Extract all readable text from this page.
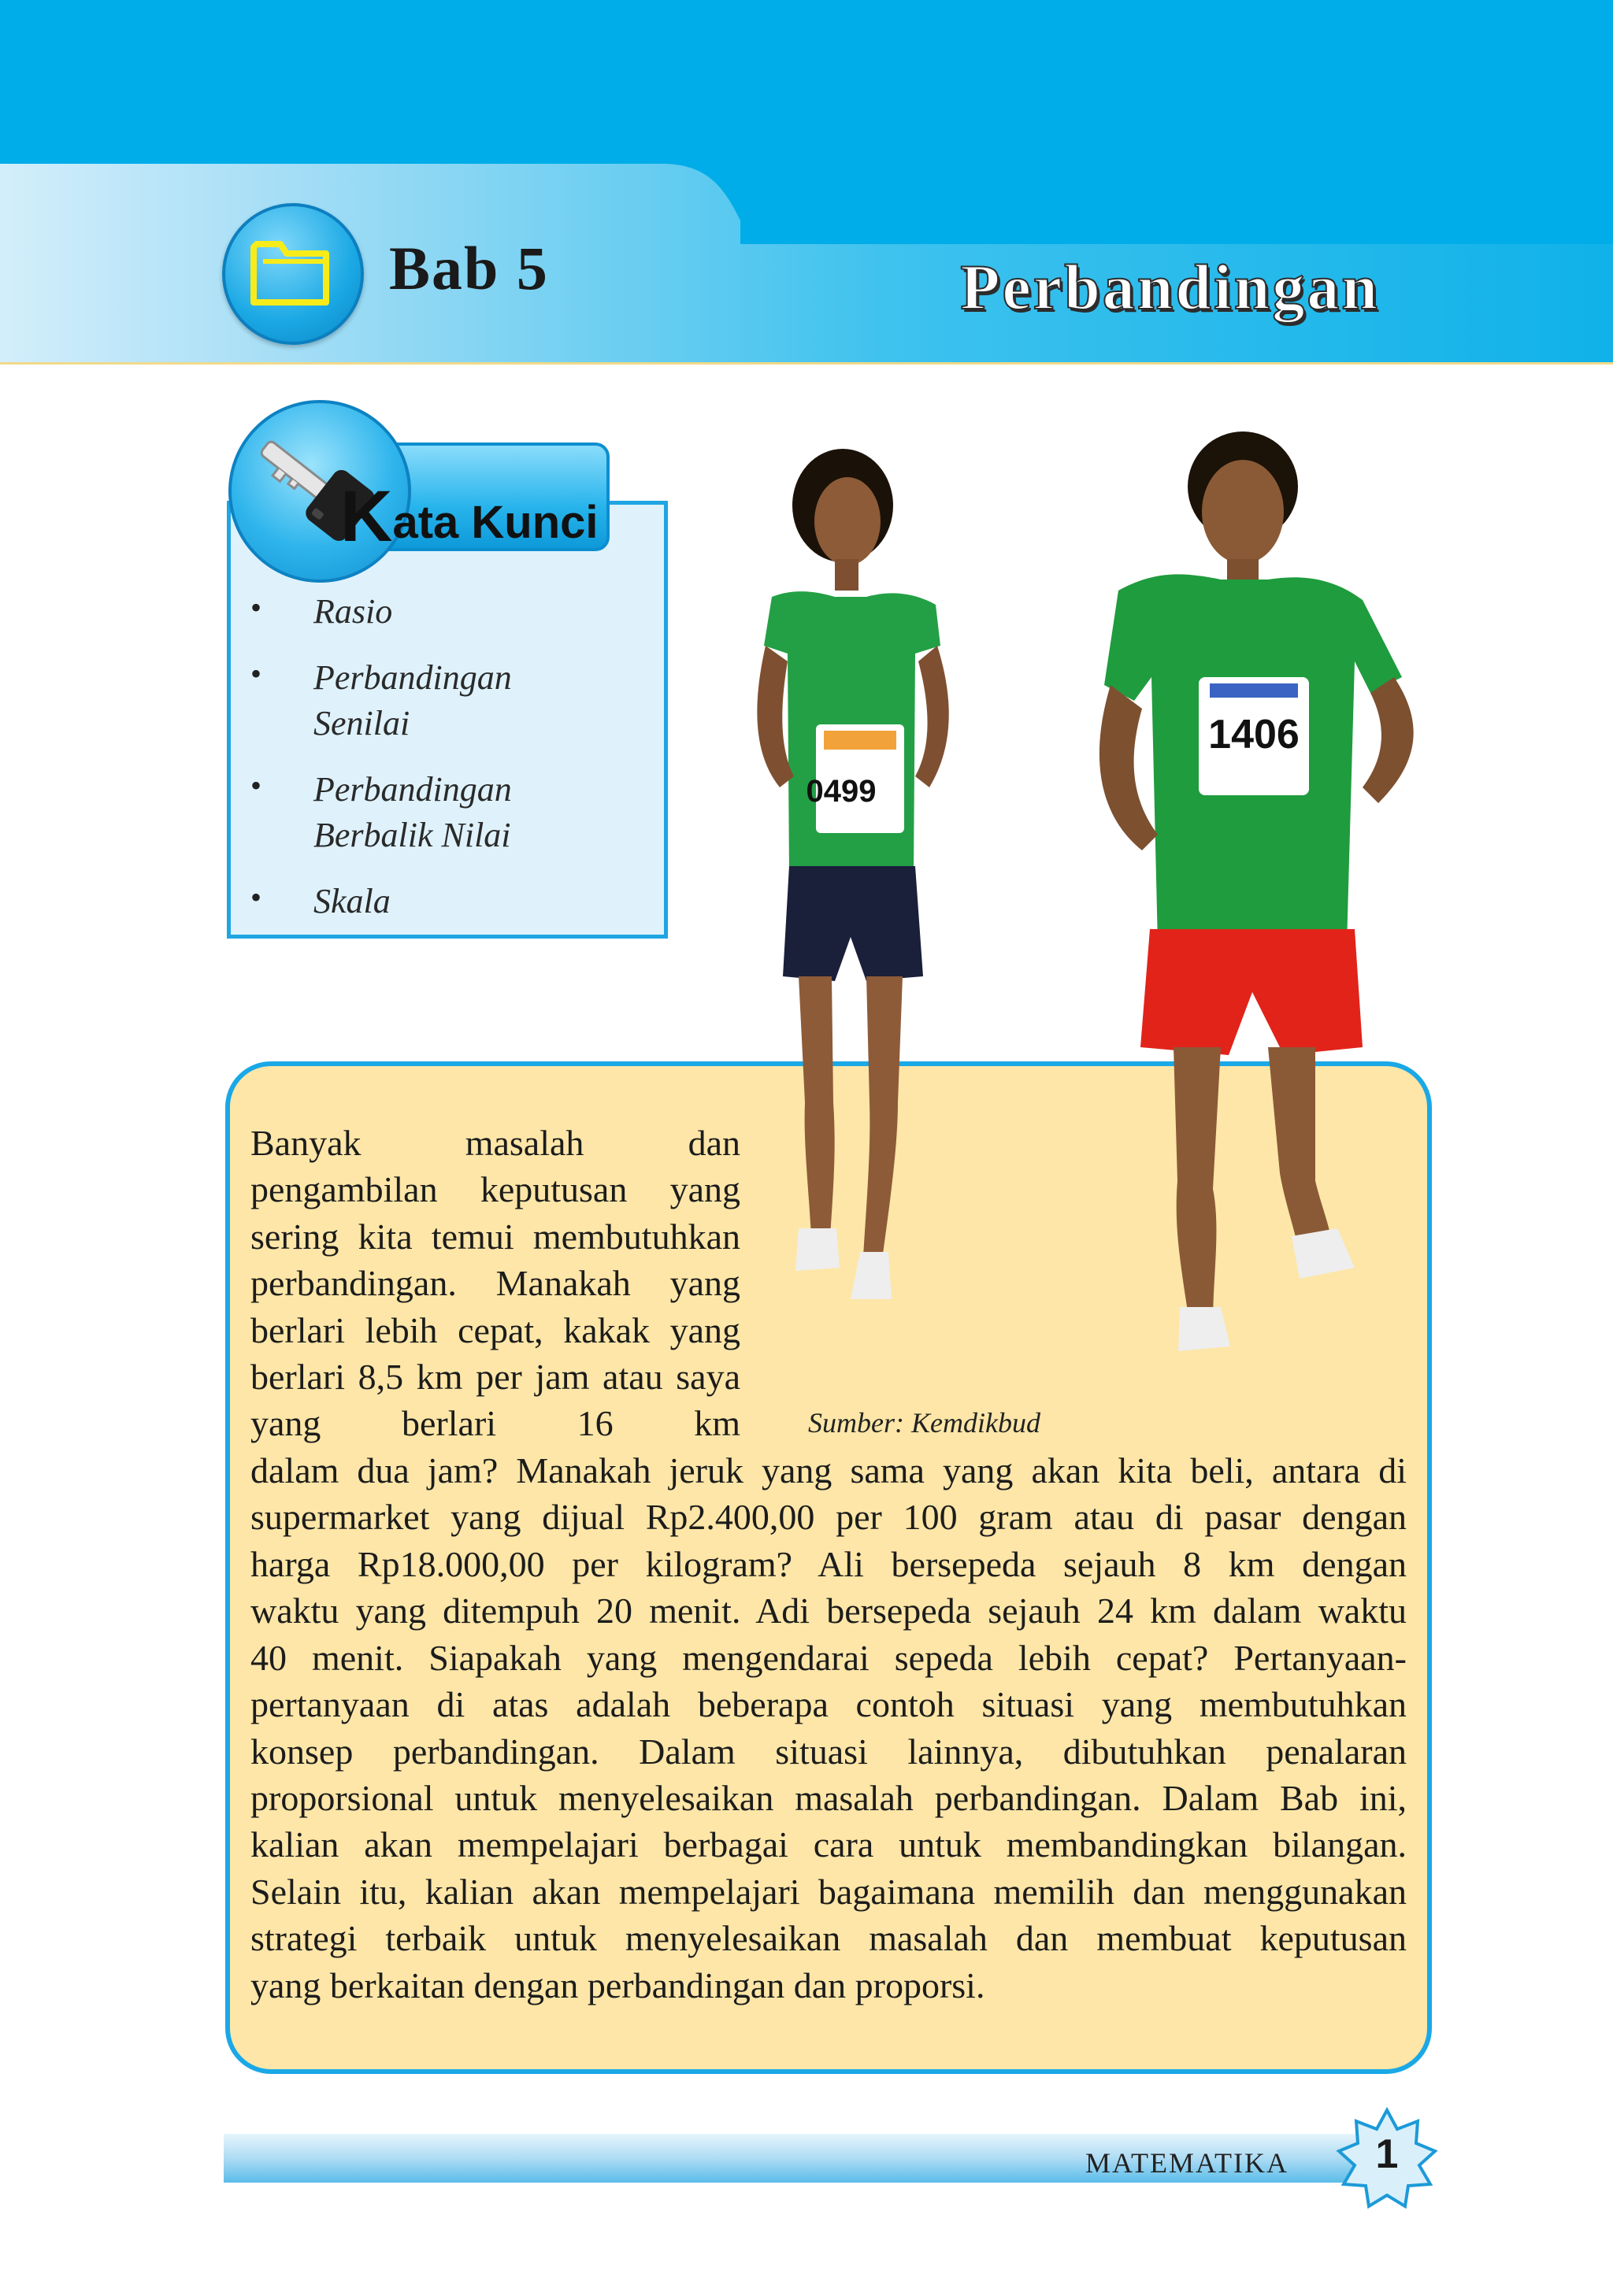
Bab 5	Perbandingan
Kata Kunci
• Rasio
• Perbandingan
Senilai
• Perbandingan
Berbalik Nilai
• Skala
1406
0499
Sumber: Kemdikbud

Banyak masalah dan pengambilan keputusan yang sering kita temui membutuhkan perbandingan. Manakah yang berlari lebih cepat, kakak yang berlari 8,5 km per jam atau saya yang berlari 16 km

dalam dua jam? Manakah jeruk yang sama yang akan kita beli, antara di

supermarket yang dijual Rp2.400,00 per 100 gram atau di pasar dengan

harga Rp18.000,00 per kilogram? Ali bersepeda sejauh 8 km dengan

waktu yang ditempuh 20 menit. Adi bersepeda sejauh 24 km dalam waktu

40 menit. Siapakah yang mengendarai sepeda lebih cepat? Pertanyaan-

pertanyaan di atas adalah beberapa contoh situasi yang membutuhkan

konsep perbandingan. Dalam situasi lainnya, dibutuhkan penalaran

proporsional untuk menyelesaikan masalah perbandingan. Dalam Bab ini,

kalian akan mempelajari berbagai cara untuk membandingkan bilangan.

Selain itu, kalian akan mempelajari bagaimana memilih dan menggunakan

strategi terbaik untuk menyelesaikan masalah dan membuat keputusan

yang berkaitan dengan perbandingan dan proporsi.

MATEMATIKA	1
